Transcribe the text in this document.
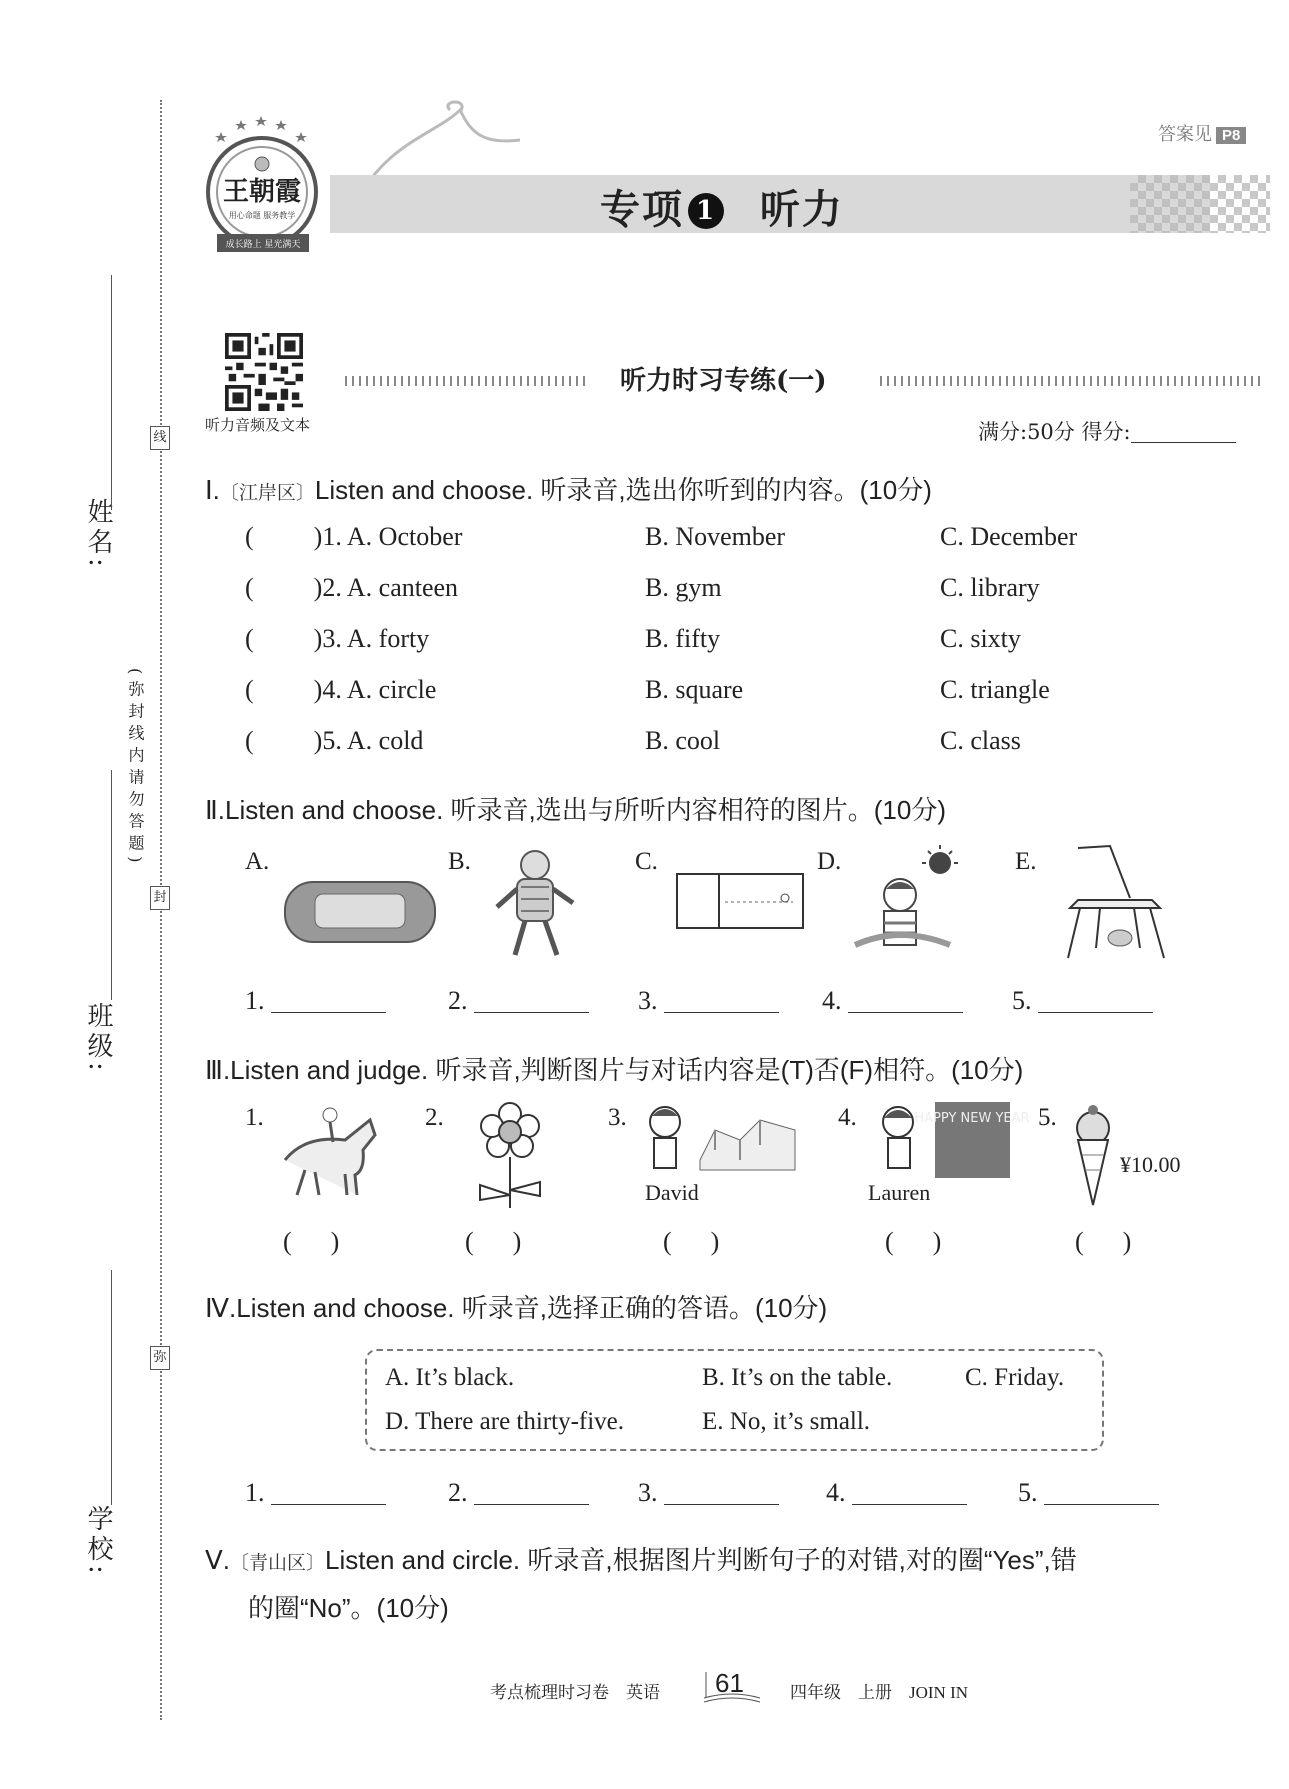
线
封
弥
姓名:
(弥封线内请勿答题)
班级:
学校:
答案见 P8
王朝霞
用心命题 服务教学
成长路上 星光满天
专项 1 听力
听力音频及文本
听力时习专练(一)
满分:50分 得分:
Ⅰ.〔江岸区〕Listen and choose. 听录音,选出你听到的内容。(10分)
( )1. A. October	B. November	C. December
( )2. A. canteen	B. gym	C. library
( )3. A. forty	B. fifty	C. sixty
( )4. A. circle	B. square	C. triangle
( )5. A. cold	B. cool	C. class
Ⅱ.Listen and choose. 听录音,选出与所听内容相符的图片。(10分)
A.	B.	C.	D.	E.
1.	2.	3.	4.	5.
Ⅲ.Listen and judge. 听录音,判断图片与对话内容是(T)否(F)相符。(10分)
1.	2.	3.
David
4.	HAPPY NEW YEAR
Lauren
5.
¥10.00
(      )	(      )	(      )	(      )	(      )
Ⅳ.Listen and choose. 听录音,选择正确的答语。(10分)
A. It’s black.	B. It’s on the table.	C. Friday.
D. There are thirty-five.	E. No, it’s small.
1.	2.	3.	4.	5.
Ⅴ.〔青山区〕Listen and circle. 听录音,根据图片判断句子的对错,对的圈“Yes”,错
的圈“No”。(10分)
考点梳理时习卷　英语 61	四年级　上册　JOIN IN
